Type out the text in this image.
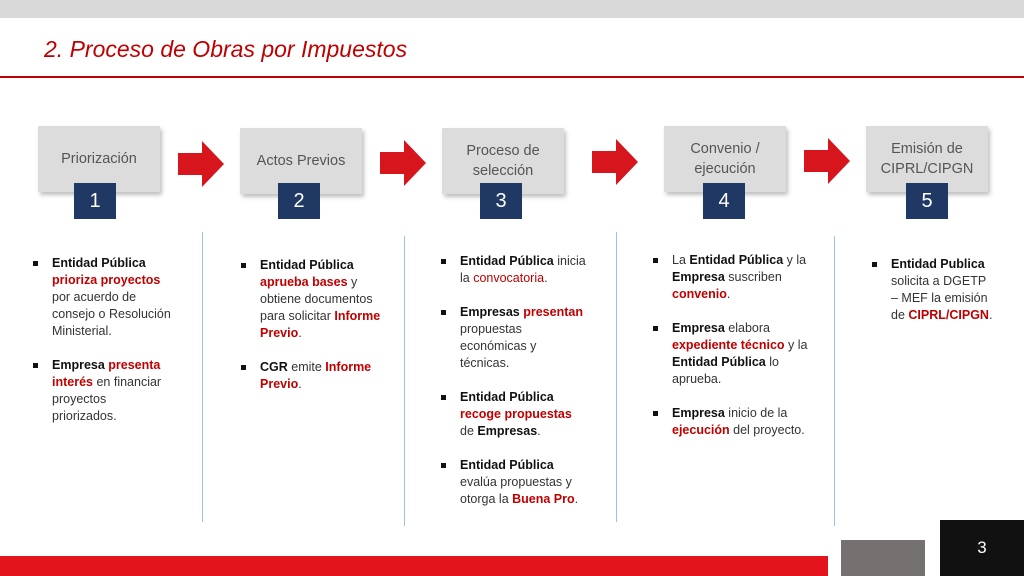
2. Proceso de Obras por Impuestos
Priorización	Actos Previos
Proceso de selección
Convenio / ejecución
Emisión de CIPRL/CIPGN
1	2	3	4	5
Entidad Pública prioriza proyectos por acuerdo de consejo o Resolución Ministerial.
Empresa presenta interés en financiar proyectos priorizados.
Entidad Pública aprueba bases y obtiene documentos para solicitar Informe Previo.
CGR emite Informe Previo.
Entidad Pública inicia la convocatoria.
Empresas presentan propuestas económicas y técnicas.
Entidad Pública recoge propuestas de Empresas.
Entidad Pública evalúa propuestas y otorga la Buena Pro.
La Entidad Pública y la Empresa suscriben convenio.
Empresa elabora expediente técnico y la Entidad Pública lo aprueba.
Empresa inicio de la ejecución del proyecto.
Entidad Publica solicita a DGETP – MEF la emisión de CIPRL/CIPGN.
3
